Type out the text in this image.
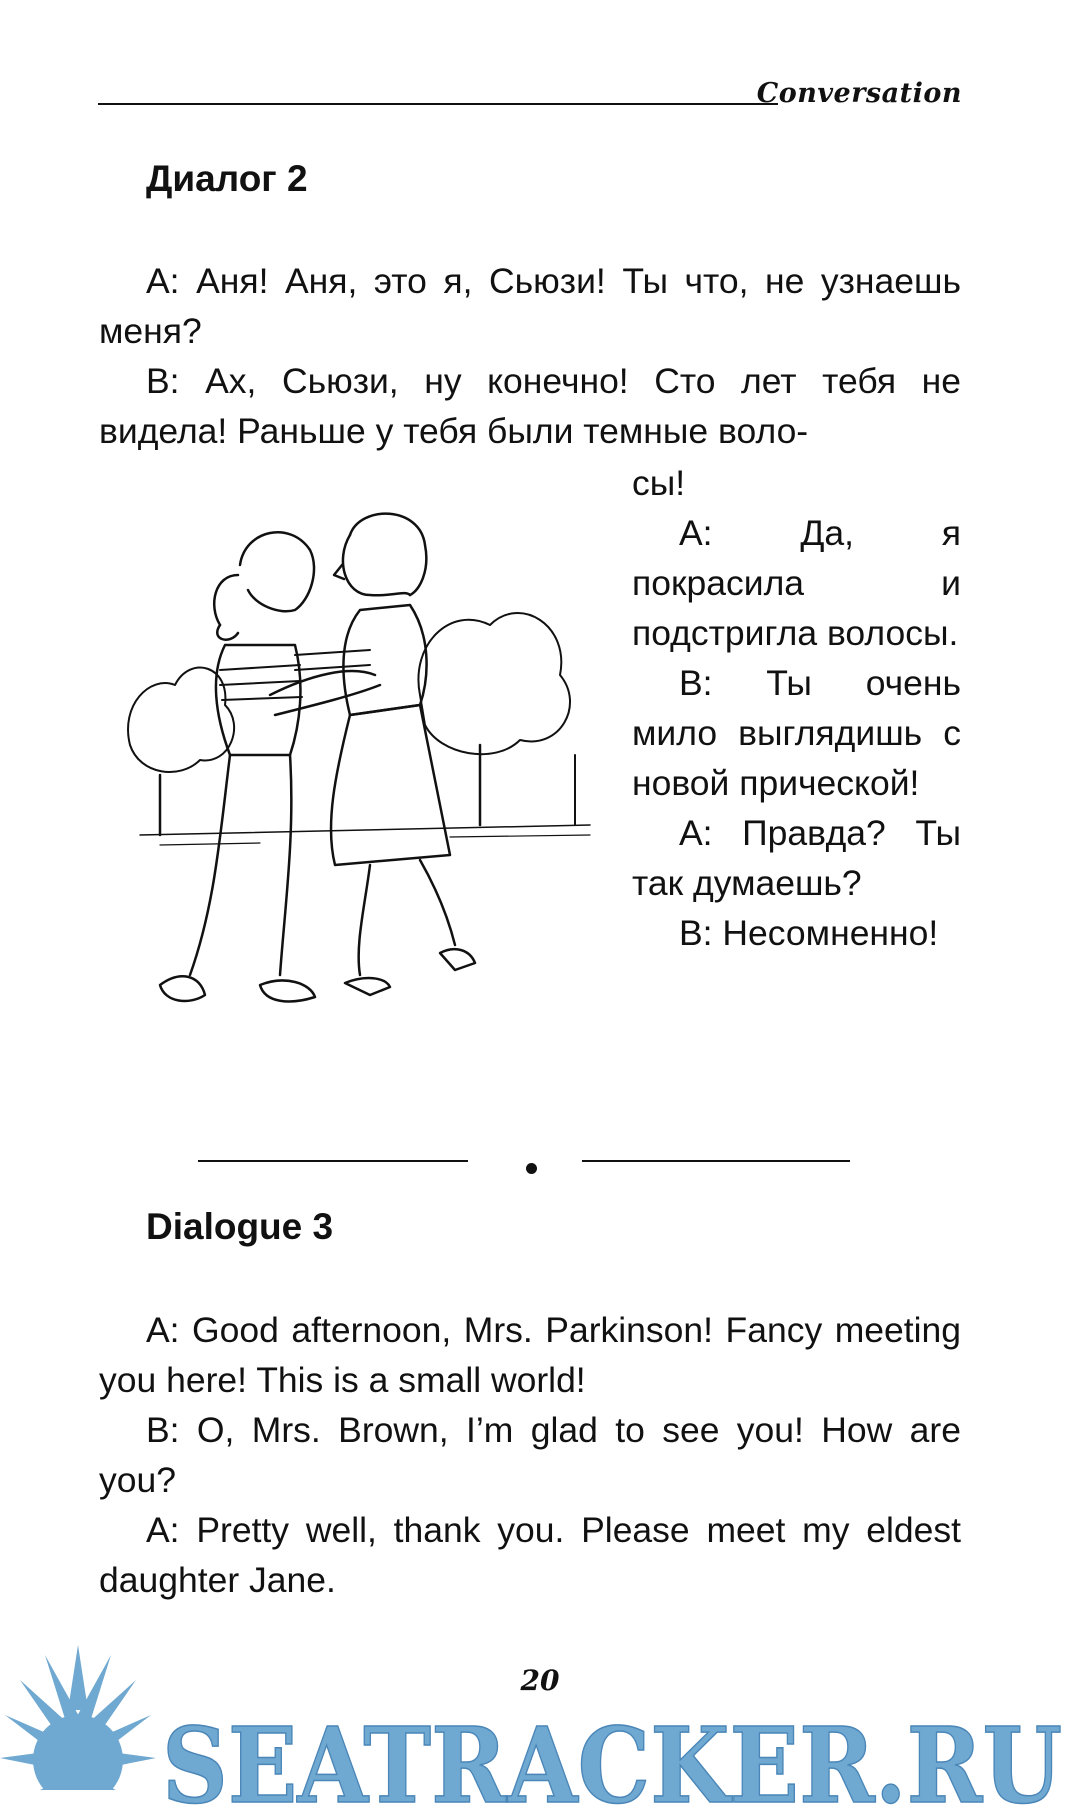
Conversation
Диалог 2

А: Аня! Аня, это я, Сьюзи! Ты что, не узнаешь меня?

В: Ах, Сьюзи, ну конечно! Сто лет тебя не видела! Раньше у тебя были темные воло-

сы!

А: Да, я покрасила и подстригла волосы.

В: Ты очень мило выглядишь с новой прической!

А: Правда? Ты так думаешь?

В: Несомненно!

Dialogue 3

A: Good afternoon, Mrs. Parkinson! Fancy meeting you here! This is a small world!

B: O, Mrs. Brown, I’m glad to see you! How are you?

A: Pretty well, thank you. Please meet my eldest daughter Jane.

20
SEATRACKER.RU
